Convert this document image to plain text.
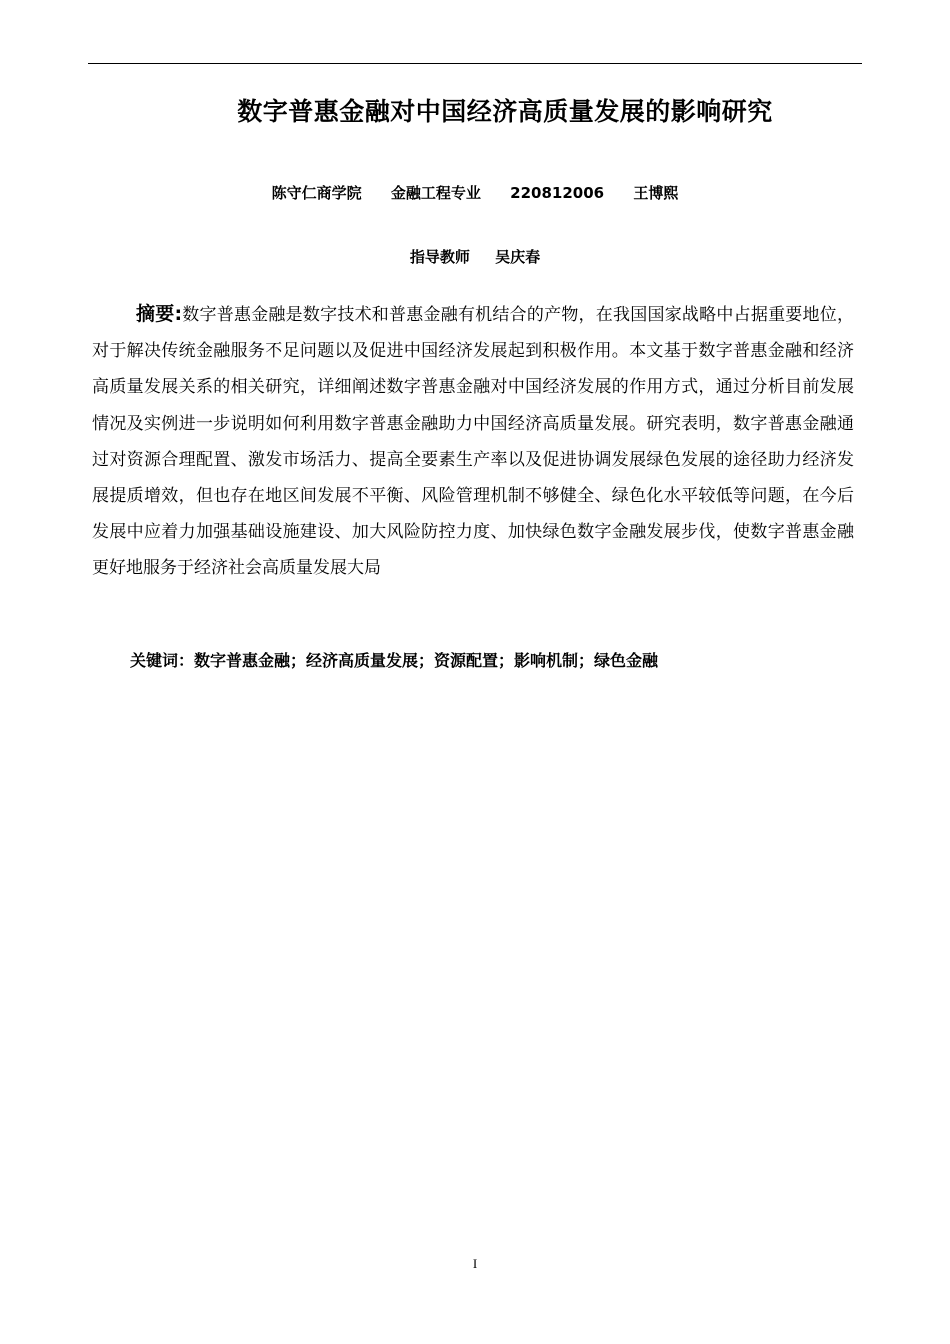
数字普惠金融对中国经济高质量发展的影响研究
陈守仁商学院 金融工程专业 220812006 王博熙
指导教师 吴庆春

摘要:数字普惠金融是数字技术和普惠金融有机结合的产物，在我国国家战略中占据重要地位，对于解决传统金融服务不足问题以及促进中国经济发展起到积极作用。本文基于数字普惠金融和经济高质量发展关系的相关研究，详细阐述数字普惠金融对中国经济发展的作用方式，通过分析目前发展情况及实例进一步说明如何利用数字普惠金融助力中国经济高质量发展。研究表明，数字普惠金融通过对资源合理配置、激发市场活力、提高全要素生产率以及促进协调发展绿色发展的途径助力经济发展提质增效，但也存在地区间发展不平衡、风险管理机制不够健全、绿色化水平较低等问题，在今后发展中应着力加强基础设施建设、加大风险防控力度、加快绿色数字金融发展步伐，使数字普惠金融更好地服务于经济社会高质量发展大局

关键词：数字普惠金融；经济高质量发展；资源配置；影响机制；绿色金融
I
